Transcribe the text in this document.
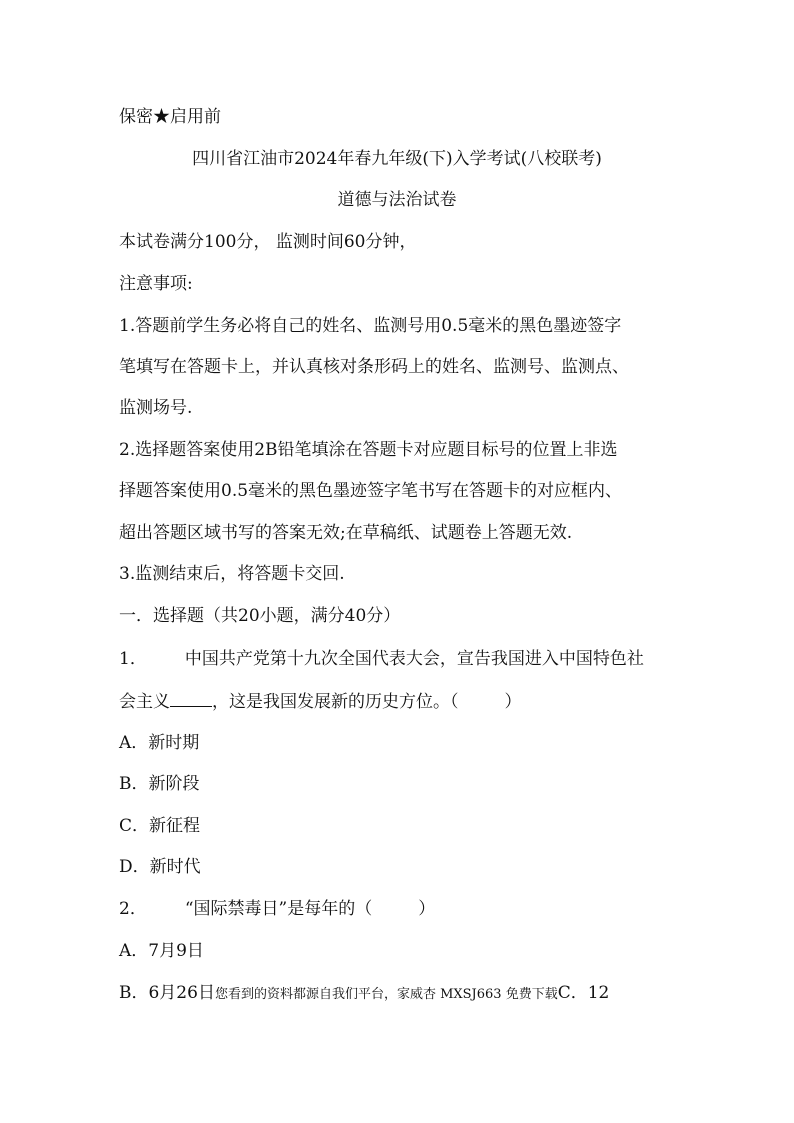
保密★启用前
四川省江油市2024年春九年级(下)入学考试(八校联考)
道德与法治试卷
本试卷满分100分， 监测时间60分钟，
注意事项:
1.答题前学生务必将自己的姓名、监测号用0.5毫米的黑色墨迹签字
笔填写在答题卡上，并认真核对条形码上的姓名、监测号、监测点、
监测场号.
2.选择题答案使用2B铅笔填涂在答题卡对应题目标号的位置上非选
择题答案使用0.5毫米的黑色墨迹签字笔书写在答题卡的对应框内、
超出答题区域书写的答案无效;在草稿纸、试题卷上答题无效.
3.监测结束后，将答题卡交回.
一．选择题（共20小题，满分40分）
1． 中国共产党第十九次全国代表大会，宣告我国进入中国特色社
会主义 ，这是我国发展新的历史方位。（	）
A．新时期
B．新阶段
C．新征程
D．新时代
2． “国际禁毒日”是每年的（	）
A．7月9日
B．6月26日您看到的资料都源自我们平台，家威杏 MXSJ663 免费下载C．12
